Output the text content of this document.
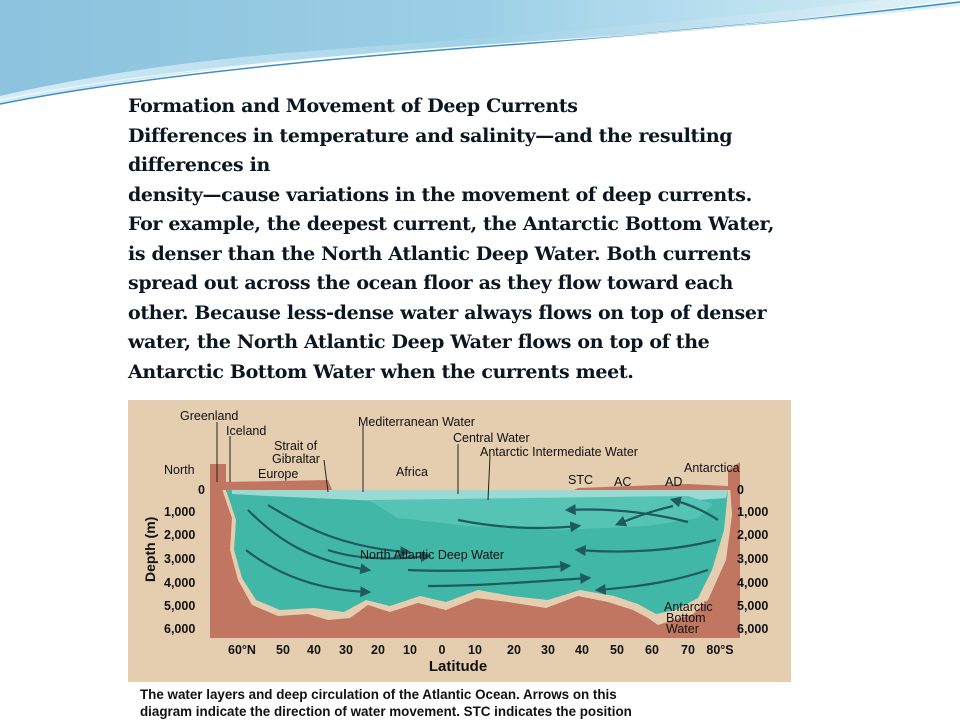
Formation and Movement of Deep Currents
Differences in temperature and salinity—and the resulting
differences in
density—cause variations in the movement of deep currents.
For example, the deepest current, the Antarctic Bottom Water,
is denser than the North Atlantic Deep Water. Both currents
spread out across the ocean floor as they flow toward each
other. Because less-dense water always flows on top of denser
water, the North Atlantic Deep Water flows on top of the
Antarctic Bottom Water when the currents meet.
Greenland
Iceland
Strait of
Gibraltar
Mediterranean Water
Central Water
Antarctic Intermediate Water
North	Europe	Africa
STC AC	AD
Antarctica
North Atlantic Deep Water
Antarctic
Bottom
Water
Depth (m)
0
1,000
2,000
3,000
4,000
5,000
6,000
0
1,000
2,000
3,000
4,000
5,000
6,000
60°N 50 40 30 20 10 0 10 20 30 40 50 60 70 80°S
Latitude
The water layers and deep circulation of the Atlantic Ocean. Arrows on this
diagram indicate the direction of water movement. STC indicates the position
